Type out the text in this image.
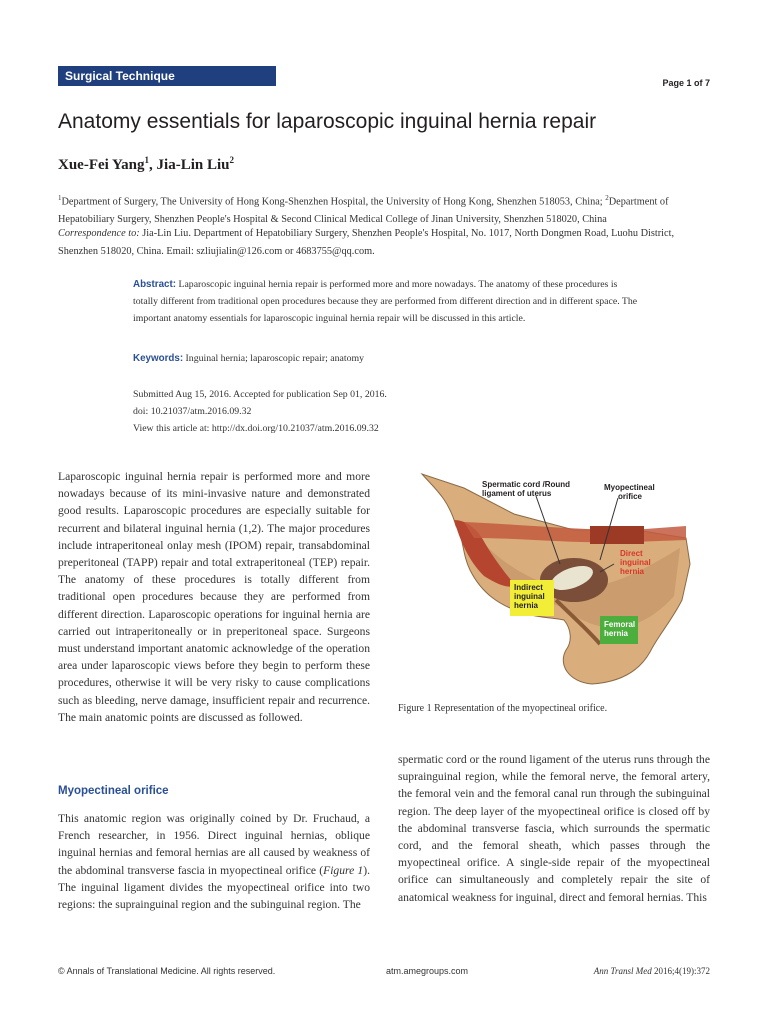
Surgical Technique	Page 1 of 7
Anatomy essentials for laparoscopic inguinal hernia repair

Xue-Fei Yang$^1$, Jia-Lin Liu$^2$

$^1$Department of Surgery, The University of Hong Kong-Shenzhen Hospital, the University of Hong Kong, Shenzhen 518053, China; $^2$Department of Hepatobiliary Surgery, Shenzhen People's Hospital & Second Clinical Medical College of Jinan University, Shenzhen 518020, China
Correspondence to: Jia-Lin Liu. Department of Hepatobiliary Surgery, Shenzhen People's Hospital, No. 1017, North Dongmen Road, Luohu District, Shenzhen 518020, China. Email: szliujialin@126.com or 4683755@qq.com.
Abstract: Laparoscopic inguinal hernia repair is performed more and more nowadays. The anatomy of these procedures is totally different from traditional open procedures because they are performed from different direction and in different space. The important anatomy essentials for laparoscopic inguinal hernia repair will be discussed in this article.
Keywords: Inguinal hernia; laparoscopic repair; anatomy
Submitted Aug 15, 2016. Accepted for publication Sep 01, 2016.
doi: 10.21037/atm.2016.09.32
View this article at: http://dx.doi.org/10.21037/atm.2016.09.32
Laparoscopic inguinal hernia repair is performed more and more nowadays because of its mini-invasive nature and demonstrated good results. Laparoscopic procedures are especially suitable for recurrent and bilateral inguinal hernia (1,2). The major procedures include intraperitoneal onlay mesh (IPOM) repair, transabdominal preperitoneal (TAPP) repair and total extraperitoneal (TEP) repair. The anatomy of these procedures is totally different from traditional open procedures because they are performed from different direction. Laparoscopic operations for inguinal hernia are carried out intraperitoneally or in preperitoneal space. Surgeons must understand important anatomic acknowledge of the operation area under laparoscopic views before they begin to perform these procedures, otherwise it will be very risky to cause complications such as bleeding, nerve damage, insufficient repair and recurrence. The main anatomic points are discussed as followed.
Myopectineal orifice
This anatomic region was originally coined by Dr. Fruchaud, a French researcher, in 1956. Direct inguinal hernias, oblique inguinal hernias and femoral hernias are all caused by weakness of the abdominal transverse fascia in myopectineal orifice (Figure 1). The inguinal ligament divides the myopectineal orifice into two regions: the suprainguinal region and the subinguinal region. The
Spermatic cord /Round ligament of uterus
Myopectineal orifice
Direct inguinal hernia
Indirect inguinal hernia
Femoral hernia
Figure 1 Representation of the myopectineal orifice.
spermatic cord or the round ligament of the uterus runs through the suprainguinal region, while the femoral nerve, the femoral artery, the femoral vein and the femoral canal run through the subinguinal region. The deep layer of the myopectineal orifice is closed off by the abdominal transverse fascia, which surrounds the spermatic cord, and the femoral sheath, which passes through the myopectineal orifice. A single-side repair of the myopectineal orifice can simultaneously and completely repair the site of anatomical weakness for inguinal, direct and femoral hernias. This
© Annals of Translational Medicine. All rights reserved.	atm.amegroups.com	Ann Transl Med 2016;4(19):372
